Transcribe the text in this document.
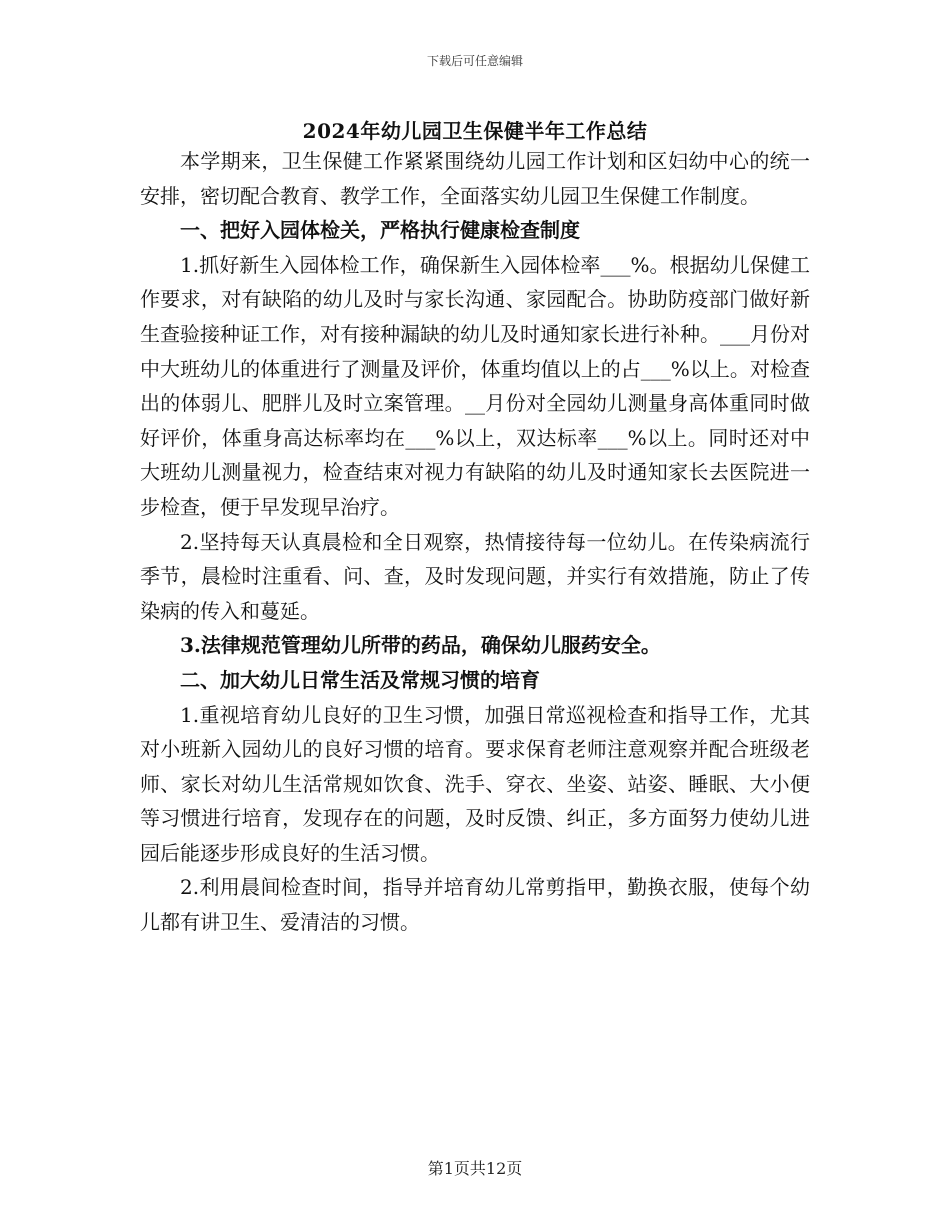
下载后可任意编辑
2024年幼儿园卫生保健半年工作总结

本学期来，卫生保健工作紧紧围绕幼儿园工作计划和区妇幼中心的统一安排，密切配合教育、教学工作，全面落实幼儿园卫生保健工作制度。

一、把好入园体检关，严格执行健康检查制度

1.抓好新生入园体检工作，确保新生入园体检率___%。根据幼儿保健工作要求，对有缺陷的幼儿及时与家长沟通、家园配合。协助防疫部门做好新生查验接种证工作，对有接种漏缺的幼儿及时通知家长进行补种。___月份对中大班幼儿的体重进行了测量及评价，体重均值以上的占___%以上。对检查出的体弱儿、肥胖儿及时立案管理。__月份对全园幼儿测量身高体重同时做好评价，体重身高达标率均在___%以上，双达标率___%以上。同时还对中大班幼儿测量视力，检查结束对视力有缺陷的幼儿及时通知家长去医院进一步检查，便于早发现早治疗。

2.坚持每天认真晨检和全日观察，热情接待每一位幼儿。在传染病流行季节，晨检时注重看、问、查，及时发现问题，并实行有效措施，防止了传染病的传入和蔓延。

3.法律规范管理幼儿所带的药品，确保幼儿服药安全。

二、加大幼儿日常生活及常规习惯的培育

1.重视培育幼儿良好的卫生习惯，加强日常巡视检查和指导工作，尤其对小班新入园幼儿的良好习惯的培育。要求保育老师注意观察并配合班级老师、家长对幼儿生活常规如饮食、洗手、穿衣、坐姿、站姿、睡眠、大小便等习惯进行培育，发现存在的问题，及时反馈、纠正，多方面努力使幼儿进园后能逐步形成良好的生活习惯。

2.利用晨间检查时间，指导并培育幼儿常剪指甲，勤换衣服，使每个幼儿都有讲卫生、爱清洁的习惯。

第1页共12页
